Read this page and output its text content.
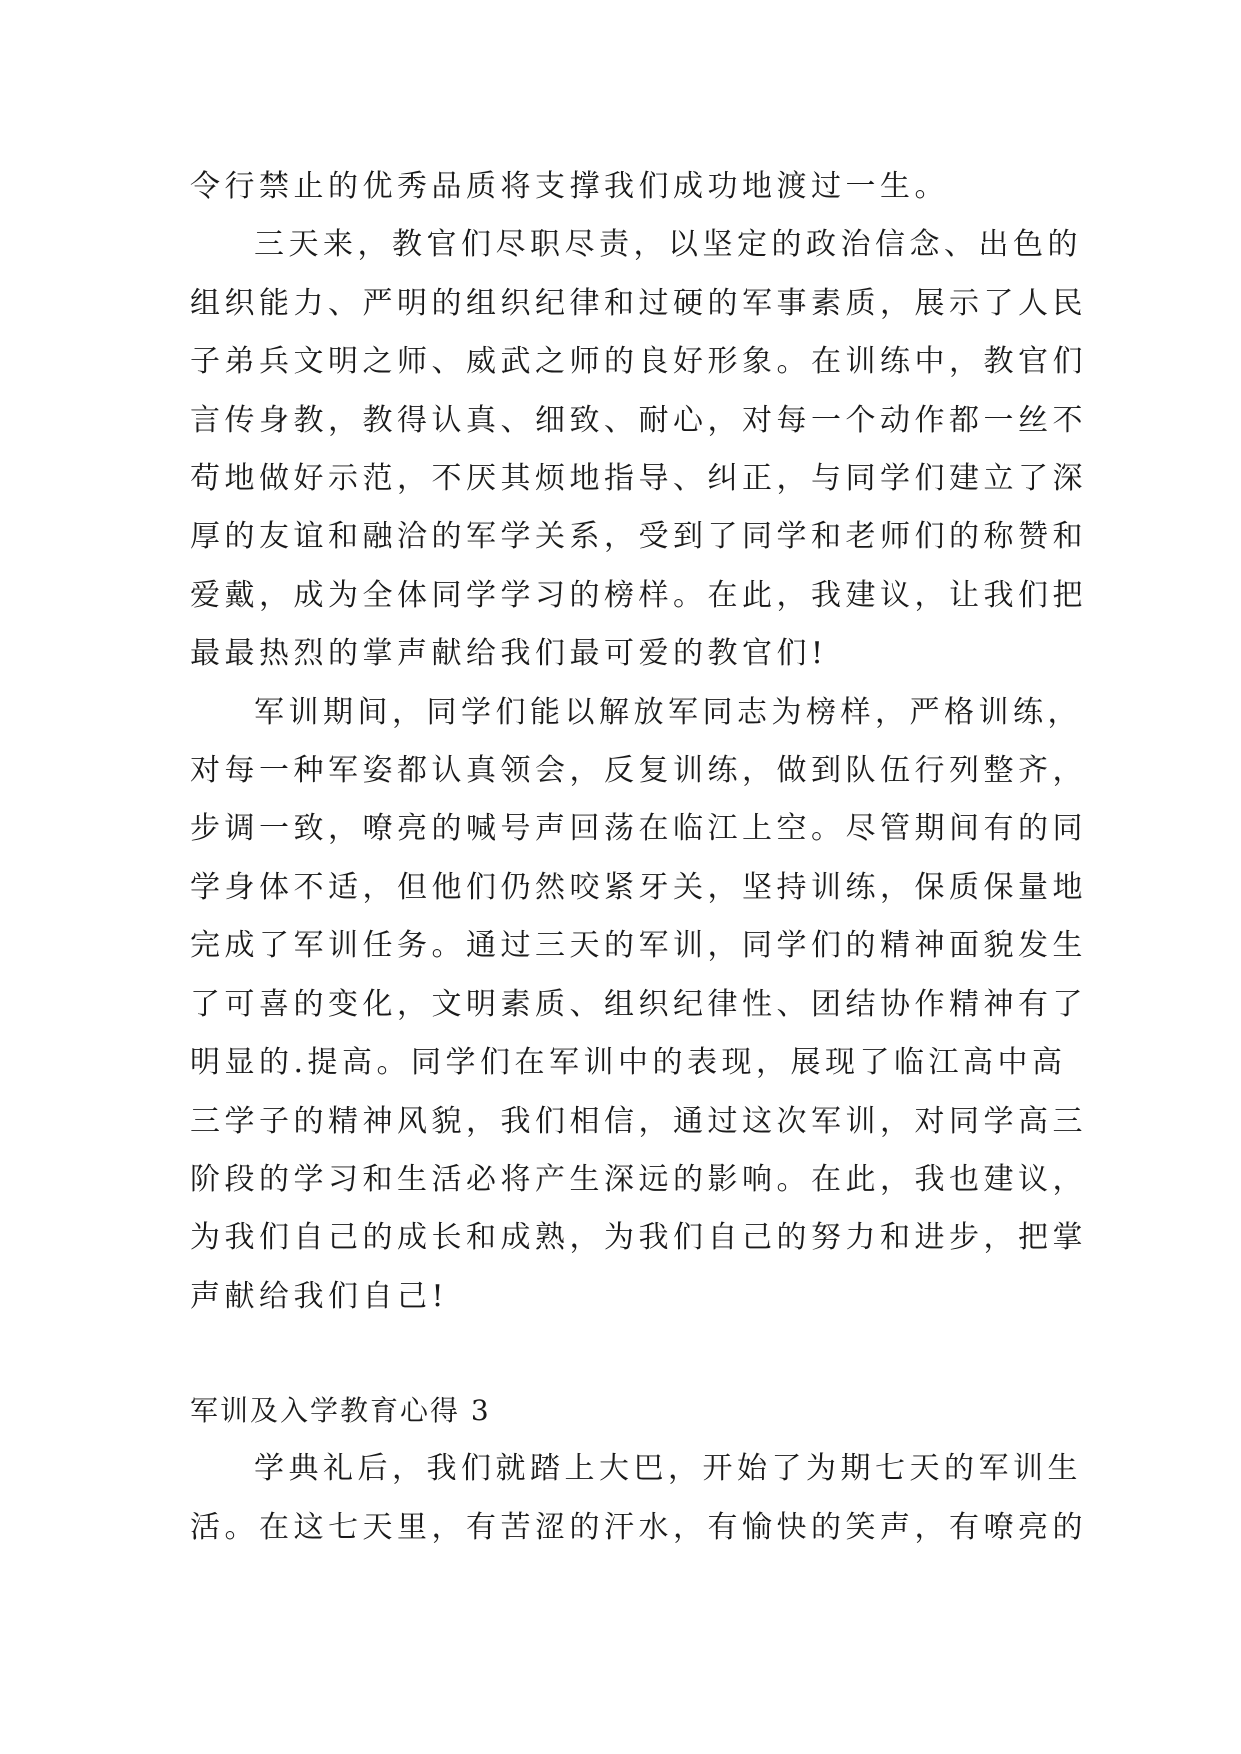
令行禁止的优秀品质将支撑我们成功地渡过一生。
三天来，教官们尽职尽责，以坚定的政治信念、出色的
组织能力、严明的组织纪律和过硬的军事素质，展示了人民
子弟兵文明之师、威武之师的良好形象。在训练中，教官们
言传身教，教得认真、细致、耐心，对每一个动作都一丝不
苟地做好示范，不厌其烦地指导、纠正，与同学们建立了深
厚的友谊和融洽的军学关系，受到了同学和老师们的称赞和
爱戴，成为全体同学学习的榜样。在此，我建议，让我们把
最最热烈的掌声献给我们最可爱的教官们!
军训期间，同学们能以解放军同志为榜样，严格训练，
对每一种军姿都认真领会，反复训练，做到队伍行列整齐，
步调一致，嘹亮的喊号声回荡在临江上空。尽管期间有的同
学身体不适，但他们仍然咬紧牙关，坚持训练，保质保量地
完成了军训任务。通过三天的军训，同学们的精神面貌发生
了可喜的变化，文明素质、组织纪律性、团结协作精神有了
明显的.提高。同学们在军训中的表现，展现了临江高中高
三学子的精神风貌，我们相信，通过这次军训，对同学高三
阶段的学习和生活必将产生深远的影响。在此，我也建议，
为我们自己的成长和成熟，为我们自己的努力和进步，把掌
声献给我们自己!
军训及入学教育心得 3
学典礼后，我们就踏上大巴，开始了为期七天的军训生
活。在这七天里，有苦涩的汗水，有愉快的笑声，有嘹亮的
